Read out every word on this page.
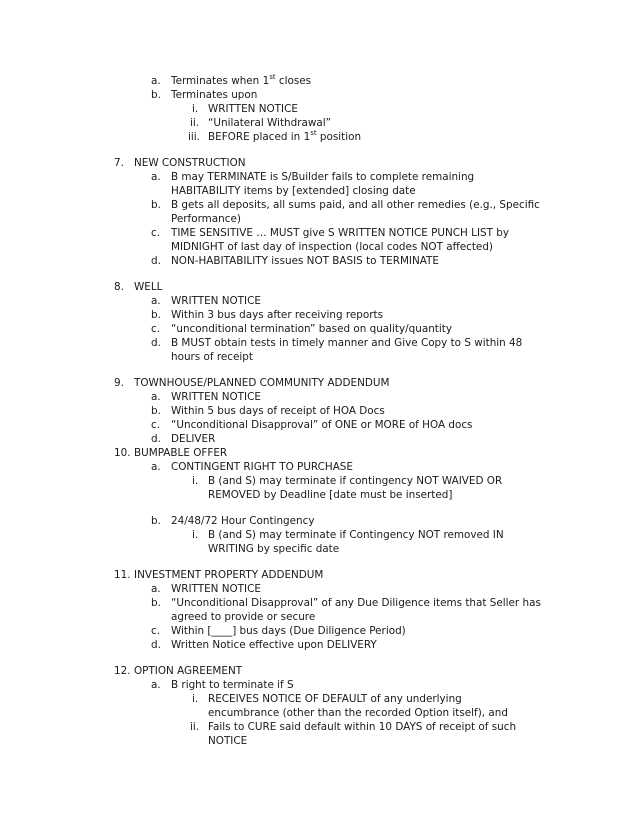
a. Terminates when 1st closes
b. Terminates upon
i. WRITTEN NOTICE
ii. “Unilateral Withdrawal”
iii. BEFORE placed in 1st position
7. NEW CONSTRUCTION
a. B may TERMINATE is S/Builder fails to complete remaining
HABITABILITY items by [extended] closing date
b. B gets all deposits, all sums paid, and all other remedies (e.g., Specific
Performance)
c. TIME SENSITIVE … MUST give S WRITTEN NOTICE PUNCH LIST by
MIDNIGHT of last day of inspection (local codes NOT affected)
d. NON-HABITABILITY issues NOT BASIS to TERMINATE
8. WELL
a. WRITTEN NOTICE
b. Within 3 bus days after receiving reports
c. “unconditional termination” based on quality/quantity
d. B MUST obtain tests in timely manner and Give Copy to S within 48
hours of receipt
9. TOWNHOUSE/PLANNED COMMUNITY ADDENDUM
a. WRITTEN NOTICE
b. Within 5 bus days of receipt of HOA Docs
c. “Unconditional Disapproval” of ONE or MORE of HOA docs
d. DELIVER
10. BUMPABLE OFFER
a. CONTINGENT RIGHT TO PURCHASE
i. B (and S) may terminate if contingency NOT WAIVED OR
REMOVED by Deadline [date must be inserted]
b. 24/48/72 Hour Contingency
i. B (and S) may terminate if Contingency NOT removed IN
WRITING by specific date
11. INVESTMENT PROPERTY ADDENDUM
a. WRITTEN NOTICE
b. “Unconditional Disapproval” of any Due Diligence items that Seller has
agreed to provide or secure
c. Within [____] bus days (Due Diligence Period)
d. Written Notice effective upon DELIVERY
12. OPTION AGREEMENT
a. B right to terminate if S
i. RECEIVES NOTICE OF DEFAULT of any underlying
encumbrance (other than the recorded Option itself), and
ii. Fails to CURE said default within 10 DAYS of receipt of such
NOTICE
